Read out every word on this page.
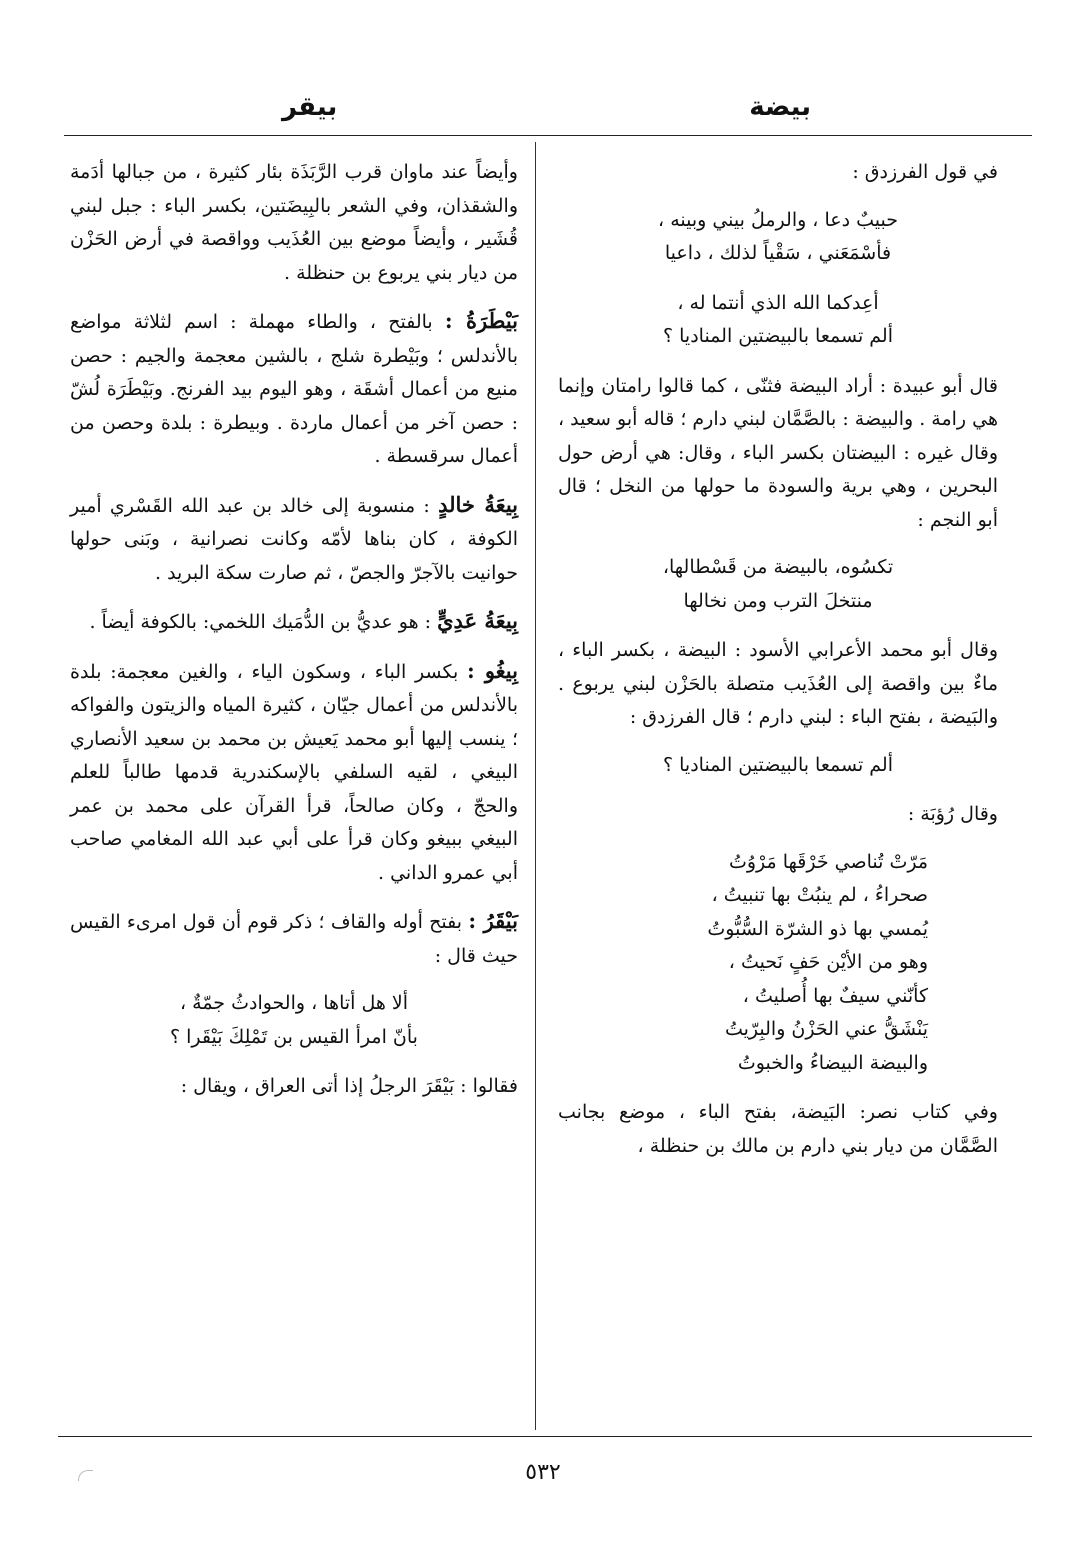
بيضة
بيقر

في قول الفرزدق :

حبيبٌ دعا ، والرملُ بيني وبينه ،
فأسْمَعَني ، سَقْياً لذلك ، داعيا
أعِدكما الله الذي أنتما له ،
ألم تسمعا بالبيضتين المناديا ؟

قال أبو عبيدة : أراد البيضة فثنّى ، كما قالوا رامتان وإنما هي رامة . والبيضة : بالصَّمَّان لبني دارم ؛ قاله أبو سعيد ، وقال غيره : البيضتان بكسر الباء ، وقال: هي أرض حول البحرين ، وهي برية والسودة ما حولها من النخل ؛ قال أبو النجم :

تكسُوه، بالبيضة من قَسْطالها،
منتخلَ الترب ومن نخالها

وقال أبو محمد الأعرابي الأسود : البيضة ، بكسر الباء ، ماءٌ بين واقصة إلى العُذَيب متصلة بالحَزْن لبني يربوع . والبَيضة ، بفتح الباء : لبني دارم ؛ قال الفرزدق :

ألم تسمعا بالبيضتين المناديا ؟

وقال رُؤبَة :

مَرّتْ تُناصي خَرْقَها مَرْوُتُ
صحراءُ ، لم ينبُتْ بها تنبيتُ ،
يُمسي بها ذو الشرّة السُّبُّوتُ
وهو من الأيْن حَفٍ نَحيتُ ،
كأنّني سيفٌ بها أُصليتُ ،
يَنْشَقُّ عني الحَزْنُ والبِرّيتُ
والبيضة البيضاءُ والخبوتُ

وفي كتاب نصر: البَيضة، بفتح الباء ، موضع بجانب الصَّمَّان من ديار بني دارم بن مالك بن حنظلة ،

وأيضاً عند ماوان قرب الرَّبَذَة بئار كثيرة ، من جبالها أدَمة والشقذان، وفي الشعر بالبِيضَتين، بكسر الباء : جبل لبني قُشَير ، وأيضاً موضع بين العُذَيب وواقصة في أرض الحَزْن من ديار بني يربوع بن حنظلة .

بَيْطَرَةُ : بالفتح ، والطاء مهملة : اسم لثلاثة مواضع بالأندلس ؛ وبَيْطرة شلج ، بالشين معجمة والجيم : حصن منيع من أعمال أشقَة ، وهو اليوم بيد الفرنج. وبَيْطَرَة لُشّ : حصن آخر من أعمال ماردة . وبيطرة : بلدة وحصن من أعمال سرقسطة .

بِيعَةُ خالدٍ : منسوبة إلى خالد بن عبد الله القَسْري أمير الكوفة ، كان بناها لأمّه وكانت نصرانية ، وبَنى حولها حوانيت بالآجرّ والجصّ ، ثم صارت سكة البريد .

بِيعَةُ عَدِيٍّ : هو عديُّ بن الدُّمَيك اللخمي: بالكوفة أيضاً .

بِيغُو : بكسر الباء ، وسكون الياء ، والغين معجمة: بلدة بالأندلس من أعمال جيّان ، كثيرة المياه والزيتون والفواكه ؛ ينسب إليها أبو محمد يَعيش بن محمد بن سعيد الأنصاري البيغي ، لقيه السلفي بالإسكندرية قدمها طالباً للعلم والحجّ ، وكان صالحاً، قرأ القرآن على محمد بن عمر البيغي ببيغو وكان قرأ على أبي عبد الله المغامي صاحب أبي عمرو الداني .

بَيْقَرُ : بفتح أوله والقاف ؛ ذكر قوم أن قول امرىء القيس حيث قال :

ألا هل أتاها ، والحوادثُ جمّةٌ ،
بأنّ امرأ القيس بن تَمْلِكَ بَيْقَرا ؟

فقالوا : بَيْقَرَ الرجلُ إذا أتى العراق ، ويقال :

٥٣٢
